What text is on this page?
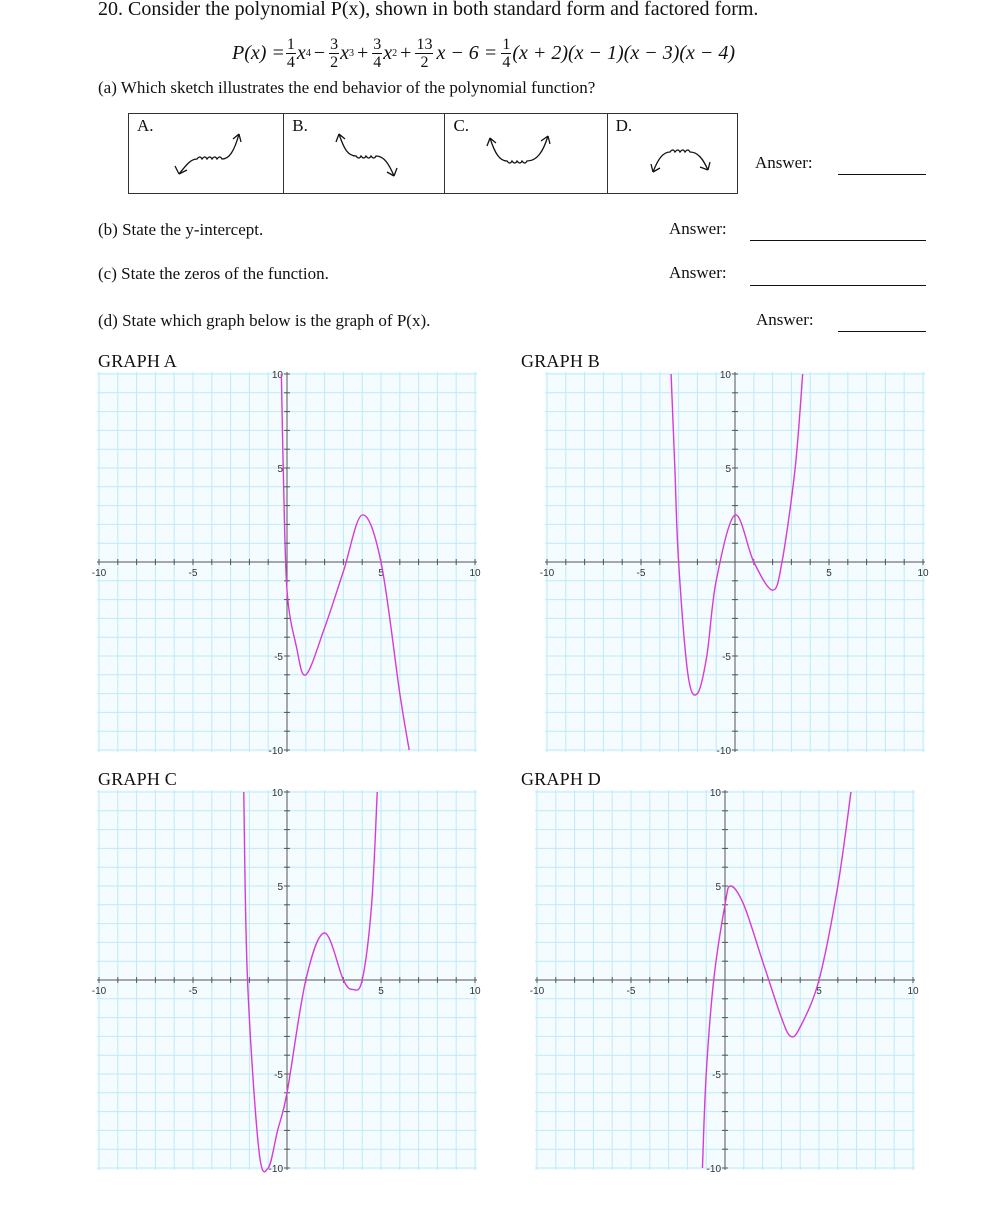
20. Consider the polynomial P(x), shown in both standard form and factored form.
$P(x) = \frac{1}{4}$ x $4 - \frac{3}{2}$ x $3 + \frac{3}{4}$ x $2 + \frac{13}{2}$ $x - 6 = \frac{1}{4} (x + 2)(x - 1)(x - 3)(x - 4)$
(a) Which sketch illustrates the end behavior of the polynomial function?
A.	B.	C.	D.
Answer:
(b) State the y-intercept.	Answer:
(c) State the zeros of the function.	Answer:
(d) State which graph below is the graph of P(x).	Answer:
GRAPH A	GRAPH B
GRAPH C	GRAPH D
-10	-5	5	10
10
5
-5
-10
-10	-5	5	10
10
5
-5
-10
-10	-5	5	10
10
5
-5
-10
-10	-5	5	10
10
5
-5
-10
